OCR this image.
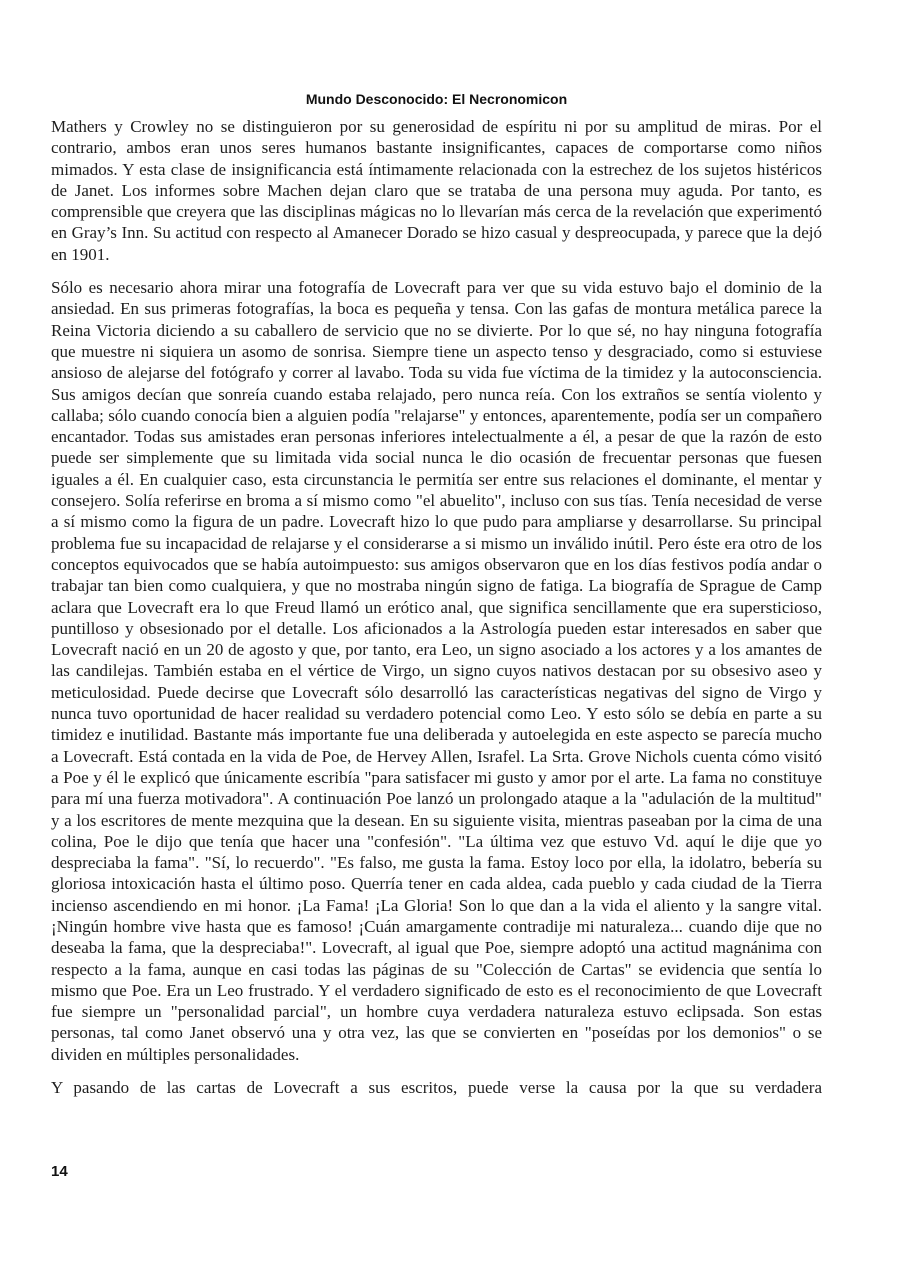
Mundo Desconocido: El Necronomicon

Mathers y Crowley no se distinguieron por su generosidad de espíritu ni por su amplitud de miras. Por el contrario, ambos eran unos seres humanos bastante insignificantes, capaces de comportarse como niños mimados. Y esta clase de insignificancia está íntimamente relacionada con la estrechez de los sujetos histéricos de Janet. Los informes sobre Machen dejan claro que se trataba de una persona muy aguda. Por tanto, es comprensible que creyera que las disciplinas mágicas no lo llevarían más cerca de la revelación que experimentó en Gray’s Inn. Su actitud con respecto al Amanecer Dorado se hizo casual y despreocupada, y parece que la dejó en 1901.

Sólo es necesario ahora mirar una fotografía de Lovecraft para ver que su vida estuvo bajo el dominio de la ansiedad. En sus primeras fotografías, la boca es pequeña y tensa. Con las gafas de montura metálica parece la Reina Victoria diciendo a su caballero de servicio que no se divierte. Por lo que sé, no hay ninguna fotografía que muestre ni siquiera un asomo de sonrisa. Siempre tiene un aspecto tenso y desgraciado, como si estuviese ansioso de alejarse del fotógrafo y correr al lavabo. Toda su vida fue víctima de la timidez y la autoconsciencia. Sus amigos decían que sonreía cuando estaba relajado, pero nunca reía. Con los extraños se sentía violento y callaba; sólo cuando conocía bien a alguien podía "relajarse" y entonces, aparentemente, podía ser un compañero encantador. Todas sus amistades eran personas inferiores intelectualmente a él, a pesar de que la razón de esto puede ser simplemente que su limitada vida social nunca le dio ocasión de frecuentar personas que fuesen iguales a él. En cualquier caso, esta circunstancia le permitía ser entre sus relaciones el dominante, el mentar y consejero. Solía referirse en broma a sí mismo como "el abuelito", incluso con sus tías. Tenía necesidad de verse a sí mismo como la figura de un padre. Lovecraft hizo lo que pudo para ampliarse y desarrollarse. Su principal problema fue su incapacidad de relajarse y el considerarse a si mismo un inválido inútil. Pero éste era otro de los conceptos equivocados que se había autoimpuesto: sus amigos observaron que en los días festivos podía andar o trabajar tan bien como cualquiera, y que no mostraba ningún signo de fatiga. La biografía de Sprague de Camp aclara que Lovecraft era lo que Freud llamó un erótico anal, que significa sencillamente que era supersticioso, puntilloso y obsesionado por el detalle. Los aficionados a la Astrología pueden estar interesados en saber que Lovecraft nació en un 20 de agosto y que, por tanto, era Leo, un signo asociado a los actores y a los amantes de las candilejas. También estaba en el vértice de Virgo, un signo cuyos nativos destacan por su obsesivo aseo y meticulosidad. Puede decirse que Lovecraft sólo desarrolló las características negativas del signo de Virgo y nunca tuvo oportunidad de hacer realidad su verdadero potencial como Leo. Y esto sólo se debía en parte a su timidez e inutilidad. Bastante más importante fue una deliberada y autoelegida en este aspecto se parecía mucho a Lovecraft. Está contada en la vida de Poe, de Hervey Allen, Israfel. La Srta. Grove Nichols cuenta cómo visitó a Poe y él le explicó que únicamente escribía "para satisfacer mi gusto y amor por el arte. La fama no constituye para mí una fuerza motivadora". A continuación Poe lanzó un prolongado ataque a la "adulación de la multitud" y a los escritores de mente mezquina que la desean. En su siguiente visita, mientras paseaban por la cima de una colina, Poe le dijo que tenía que hacer una "confesión". "La última vez que estuvo Vd. aquí le dije que yo despreciaba la fama". "Sí, lo recuerdo". "Es falso, me gusta la fama. Estoy loco por ella, la idolatro, bebería su gloriosa intoxicación hasta el último poso. Querría tener en cada aldea, cada pueblo y cada ciudad de la Tierra incienso ascendiendo en mi honor. ¡La Fama! ¡La Gloria! Son lo que dan a la vida el aliento y la sangre vital. ¡Ningún hombre vive hasta que es famoso! ¡Cuán amargamente contradije mi naturaleza... cuando dije que no deseaba la fama, que la despreciaba!". Lovecraft, al igual que Poe, siempre adoptó una actitud magnánima con respecto a la fama, aunque en casi todas las páginas de su "Colección de Cartas" se evidencia que sentía lo mismo que Poe. Era un Leo frustrado. Y el verdadero significado de esto es el reconocimiento de que Lovecraft fue siempre un "personalidad parcial", un hombre cuya verdadera naturaleza estuvo eclipsada. Son estas personas, tal como Janet observó una y otra vez, las que se convierten en "poseídas por los demonios" o se dividen en múltiples personalidades.

Y pasando de las cartas de Lovecraft a sus escritos, puede verse la causa por la que su verdadera

14
